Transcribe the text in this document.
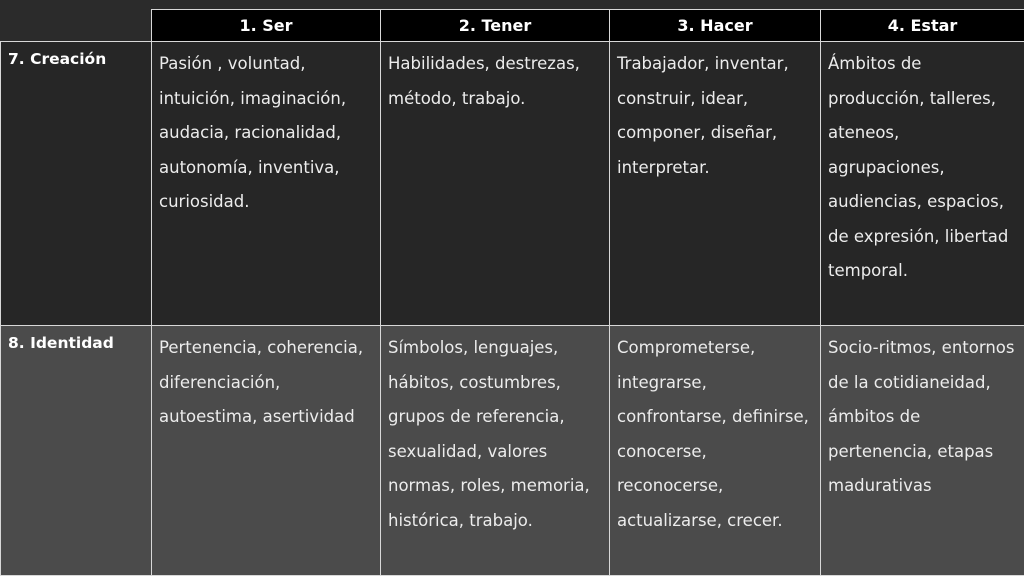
	1. Ser	2. Tener	3. Hacer	4. Estar
7. Creación	Pasión , voluntad, intuición, imaginación, audacia, racionalidad, autonomía, inventiva, curiosidad.	Habilidades, destrezas, método, trabajo.	Trabajador, inventar, construir, idear, componer, diseñar, interpretar.	Ámbitos de producción, talleres, ateneos, agrupaciones, audiencias, espacios, de expresión, libertad temporal.
8. Identidad	Pertenencia, coherencia, diferenciación, autoestima, asertividad	Símbolos, lenguajes, hábitos, costumbres, grupos de referencia, sexualidad, valores normas, roles, memoria, histórica, trabajo.	Comprometerse, integrarse, confrontarse, definirse, conocerse, reconocerse, actualizarse, crecer.	Socio-ritmos, entornos de la cotidianeidad, ámbitos de pertenencia, etapas madurativas
